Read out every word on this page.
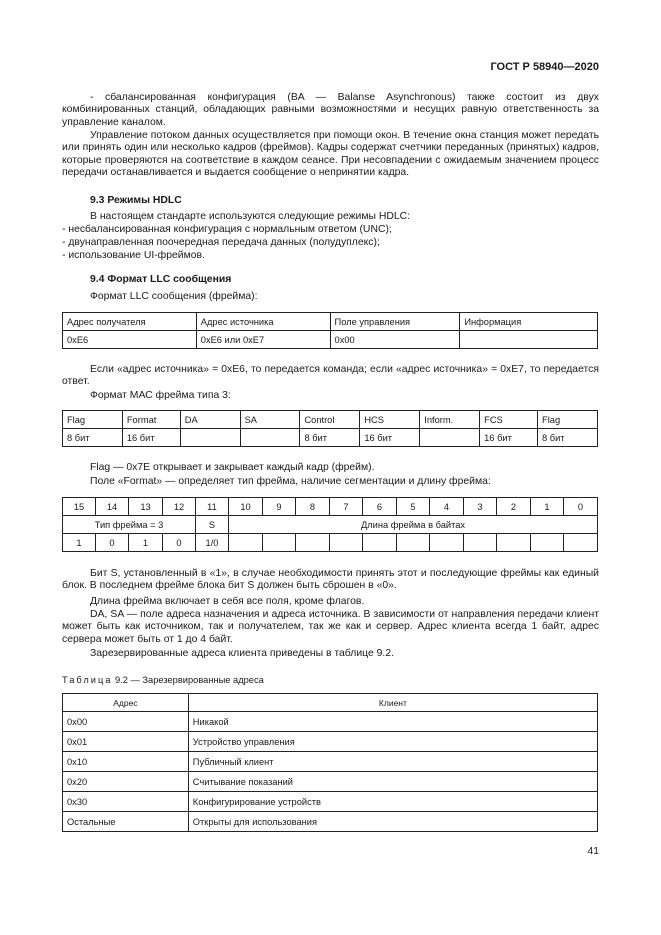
ГОСТ Р 58940—2020
- сбалансированная конфигурация (BA — Balanse Asynchronous) также состоит из двух комбинированных станций, обладающих равными возможностями и несущих равную ответственность за управление каналом.
Управление потоком данных осуществляется при помощи окон. В течение окна станция может передать или принять один или несколько кадров (фреймов). Кадры содержат счетчики переданных (принятых) кадров, которые проверяются на соответствие в каждом сеансе. При несовпадении с ожидаемым значением процесс передачи останавливается и выдается сообщение о непринятии кадра.
9.3 Режимы HDLC
В настоящем стандарте используются следующие режимы HDLC:
- несбалансированная конфигурация с нормальным ответом (UNC);
- двунаправленная поочередная передача данных (полудуплекс);
- использование UI-фреймов.
9.4 Формат LLC сообщения
Формат LLC сообщения (фрейма):
Адрес получателя	Адрес источника	Поле управления	Информация
0xE6	0xE6 или 0xE7	0x00	
Если «адрес источника» = 0xE6, то передается команда; если «адрес источника» = 0xE7, то передается ответ.
Формат МАС фрейма типа 3:
Flag	Format	DA	SA	Control	HCS	Inform.	FCS	Flag
8 бит	16 бит			8 бит	16 бит		16 бит	8 бит
Flag — 0x7E открывает и закрывает каждый кадр (фрейм).
Поле «Format» — определяет тип фрейма, наличие сегментации и длину фрейма:
15	14	13	12	11	10	9	8	7	6	5	4	3	2	1	0
Тип фрейма = 3				S	Длина фрейма в байтах										
1	0	1	0	1/0											
Бит S, установленный в «1», в случае необходимости принять этот и последующие фреймы как единый блок. В последнем фрейме блока бит S должен быть сброшен в «0».
Длина фрейма включает в себя все поля, кроме флагов.
DA, SA — поле адреса назначения и адреса источника. В зависимости от направления передачи клиент может быть как источником, так и получателем, так же как и сервер. Адрес клиента всегда 1 байт, адрес сервера может быть от 1 до 4 байт.
Зарезервированные адреса клиента приведены в таблице 9.2.
Таблица 9.2 — Зарезервированные адреса
Адрес	Клиент
0x00	Никакой
0x01	Устройство управления
0x10	Публичный клиент
0x20	Считывание показаний
0x30	Конфигурирование устройств
Остальные	Открыты для использования
41
